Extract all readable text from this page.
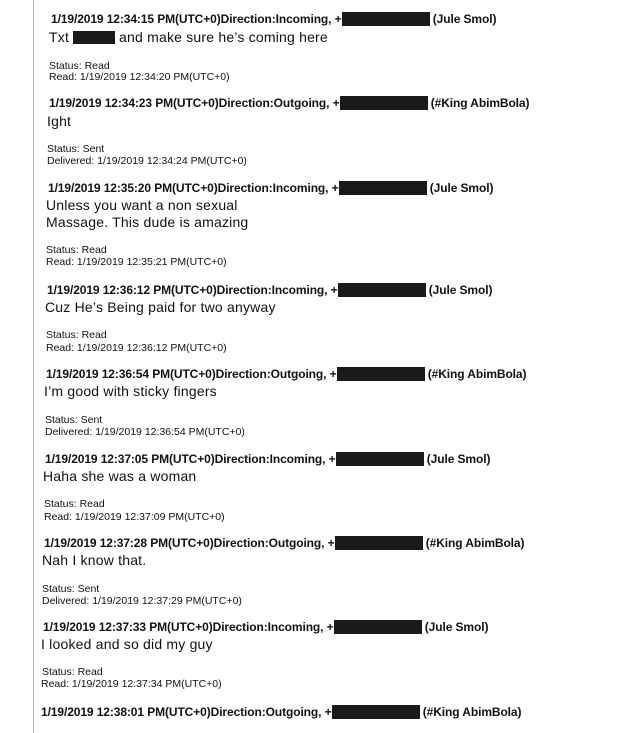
1/19/2019 12:34:15 PM(UTC+0)Direction:Incoming, +	(Jule Smol)
Txt	and make sure he’s coming here
Status: Read
Read: 1/19/2019 12:34:20 PM(UTC+0)
1/19/2019 12:34:23 PM(UTC+0)Direction:Outgoing, +	(#King AbimBola)
Ight
Status: Sent
Delivered: 1/19/2019 12:34:24 PM(UTC+0)
1/19/2019 12:35:20 PM(UTC+0)Direction:Incoming, +	(Jule Smol)
Unless you want a non sexual
Massage. This dude is amazing
Status: Read
Read: 1/19/2019 12:35:21 PM(UTC+0)
1/19/2019 12:36:12 PM(UTC+0)Direction:Incoming, +	(Jule Smol)
Cuz He’s Being paid for two anyway
Status: Read
Read: 1/19/2019 12:36:12 PM(UTC+0)
1/19/2019 12:36:54 PM(UTC+0)Direction:Outgoing, +	(#King AbimBola)
I’m good with sticky fingers
Status: Sent
Delivered: 1/19/2019 12:36:54 PM(UTC+0)
1/19/2019 12:37:05 PM(UTC+0)Direction:Incoming, +	(Jule Smol)
Haha she was a woman
Status: Read
Read: 1/19/2019 12:37:09 PM(UTC+0)
1/19/2019 12:37:28 PM(UTC+0)Direction:Outgoing, +	(#King AbimBola)
Nah I know that.
Status: Sent
Delivered: 1/19/2019 12:37:29 PM(UTC+0)
1/19/2019 12:37:33 PM(UTC+0)Direction:Incoming, +	(Jule Smol)
I looked and so did my guy
Status: Read
Read: 1/19/2019 12:37:34 PM(UTC+0)
1/19/2019 12:38:01 PM(UTC+0)Direction:Outgoing, +	(#King AbimBola)
